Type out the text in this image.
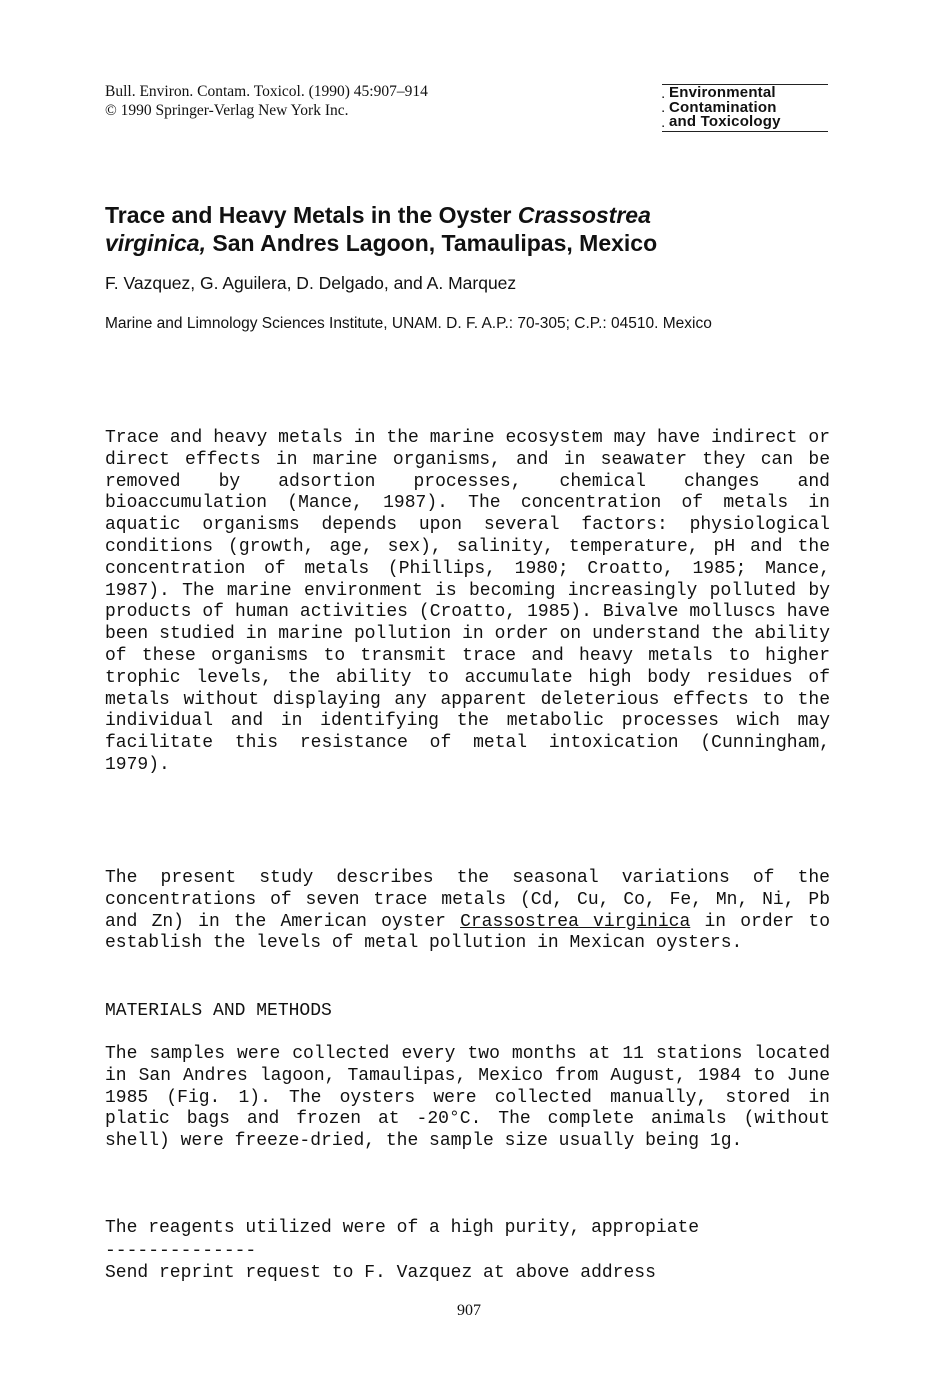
Bull. Environ. Contam. Toxicol. (1990) 45:907–914
© 1990 Springer-Verlag New York Inc.
▪ Environmental
▪ Contamination
▪ and Toxicology
Trace and Heavy Metals in the Oyster Crassostrea
virginica, San Andres Lagoon, Tamaulipas, Mexico
F. Vazquez, G. Aguilera, D. Delgado, and A. Marquez
Marine and Limnology Sciences Institute, UNAM. D. F. A.P.: 70-305; C.P.: 04510. Mexico
Trace and heavy metals in the marine ecosystem may have indirect or direct effects in marine organisms, and in seawater they can be removed by adsortion processes, chemical changes and bioaccumulation (Mance, 1987). The concentration of metals in aquatic organisms depends upon several factors: physiological conditions (growth, age, sex), salinity, temperature, pH and the concentration of metals (Phillips, 1980; Croatto, 1985; Mance, 1987). The marine environment is becoming increasingly polluted by products of human activities (Croatto, 1985). Bivalve molluscs have been studied in marine pollution in order on understand the ability of these organisms to transmit trace and heavy metals to higher trophic levels, the ability to accumulate high body residues of metals without displaying any apparent deleterious effects to the individual and in identifying the metabolic processes wich may facilitate this resistance of metal intoxication (Cunningham, 1979).
The present study describes the seasonal variations of the concentrations of seven trace metals (Cd, Cu, Co, Fe, Mn, Ni, Pb and Zn) in the American oyster Crassostrea virginica in order to establish the levels of metal pollution in Mexican oysters.
MATERIALS AND METHODS
The samples were collected every two months at 11 stations located in San Andres lagoon, Tamaulipas, Mexico from August, 1984 to June 1985 (Fig. 1). The oysters were collected manually, stored in platic bags and frozen at -20°C. The complete animals (without shell) were freeze-dried, the sample size usually being 1g.
The reagents utilized were of a high purity, appropiate
--------------
Send reprint request to F. Vazquez at above address
907
